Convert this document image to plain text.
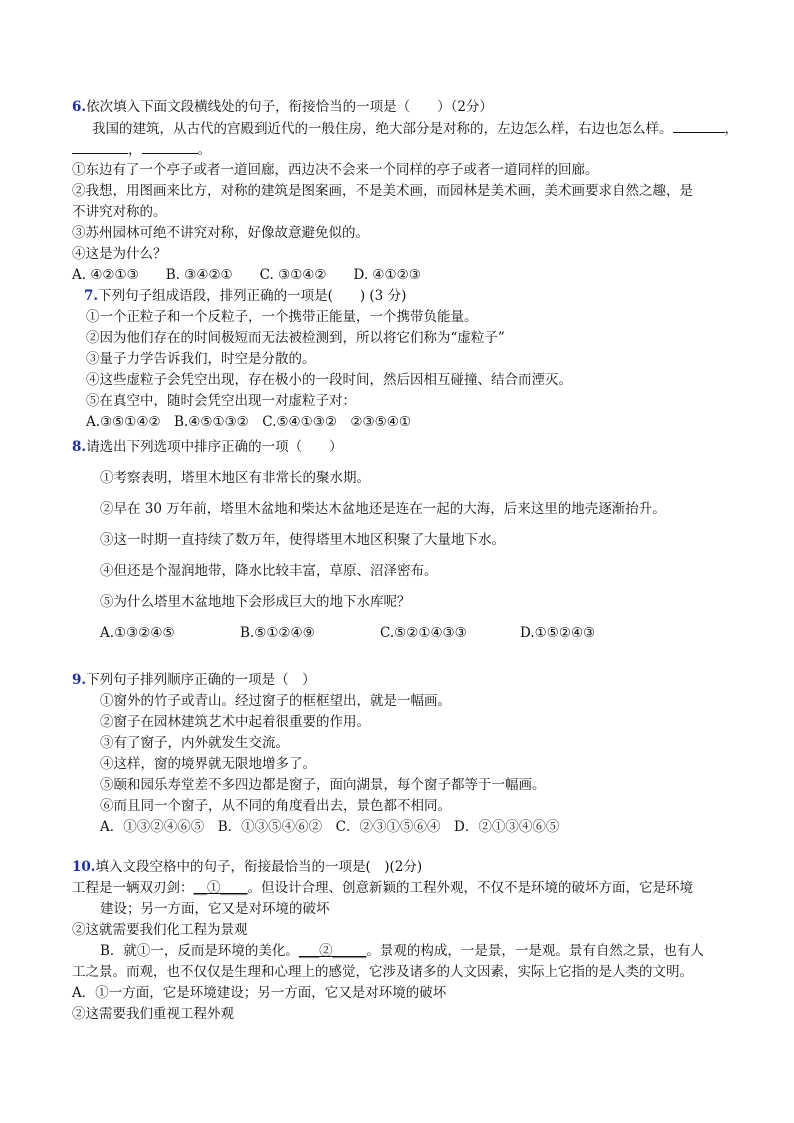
6.依次填入下面文段横线处的句子，衔接恰当的一项是（　　）（2分）
我国的建筑，从古代的宫殿到近代的一般住房，绝大部分是对称的，左边怎么样，右边也怎么样。	，
，	。
①东边有了一个亭子或者一道回廊，西边决不会来一个同样的亭子或者一道同样的回廊。
②我想，用图画来比方，对称的建筑是图案画，不是美术画，而园林是美术画，美术画要求自然之趣，是
不讲究对称的。
③苏州园林可绝不讲究对称，好像故意避免似的。
④这是为什么？
A. ④②①③　　B. ③④②①　　C. ③①④②　　D. ④①②③
7.下列句子组成语段，排列正确的一项是(　　) (3 分)
①一个正粒子和一个反粒子，一个携带正能量，一个携带负能量。
②因为他们存在的时间极短而无法被检测到，所以将它们称为“虚粒子”
③量子力学告诉我们，时空是分散的。
④这些虚粒子会凭空出现，存在极小的一段时间，然后因相互碰撞、结合而湮灭。
⑤在真空中，随时会凭空出现一对虚粒子对：
A.③⑤①④②　B.④⑤①③②　C.⑤④①③②　②③⑤④①
8.请选出下列选项中排序正确的一项（　　）
①考察表明，塔里木地区有非常长的聚水期。
②早在 30 万年前，塔里木盆地和柴达木盆地还是连在一起的大海，后来这里的地壳逐渐抬升。
③这一时期一直持续了数万年，使得塔里木地区积聚了大量地下水。
④但还是个湿润地带，降水比较丰富，草原、沼泽密布。
⑤为什么塔里木盆地地下会形成巨大的地下水库呢？
A.①③②④⑤	B.⑤①②④⑨	C.⑤②①④③③	D.①⑤②④③
9.下列句子排列顺序正确的一项是（　）
①窗外的竹子或青山。经过窗子的框框望出，就是一幅画。
②窗子在园林建筑艺术中起着很重要的作用。
③有了窗子，内外就发生交流。
④这样，窗的境界就无限地增多了。
⑤颐和园乐寿堂差不多四边都是窗子，面向湖景，每个窗子都等于一幅画。
⑥而且同一个窗子，从不同的角度看出去，景色都不相同。
A．①③②④⑥⑤　B．①③⑤④⑥②　C．②③①⑤⑥④　D．②①③④⑥⑤
10.填入文段空格中的句子，衔接最恰当的一项是(　)(2分)
工程是一辆双刃剑：__①____。但设计合理、创意新颖的工程外观，不仅不是环境的破坏方面，它是环境
建设；另一方面，它又是对环境的破坏
②这就需要我们化工程为景观
B．就①一，反而是环境的美化。___②_____。景观的构成，一是景，一是观。景有自然之景，也有人
工之景。而观，也不仅仅是生理和心理上的感觉，它涉及诸多的人文因素，实际上它指的是人类的文明。
A．①一方面，它是环境建设；另一方面，它又是对环境的破坏
②这需要我们重视工程外观
